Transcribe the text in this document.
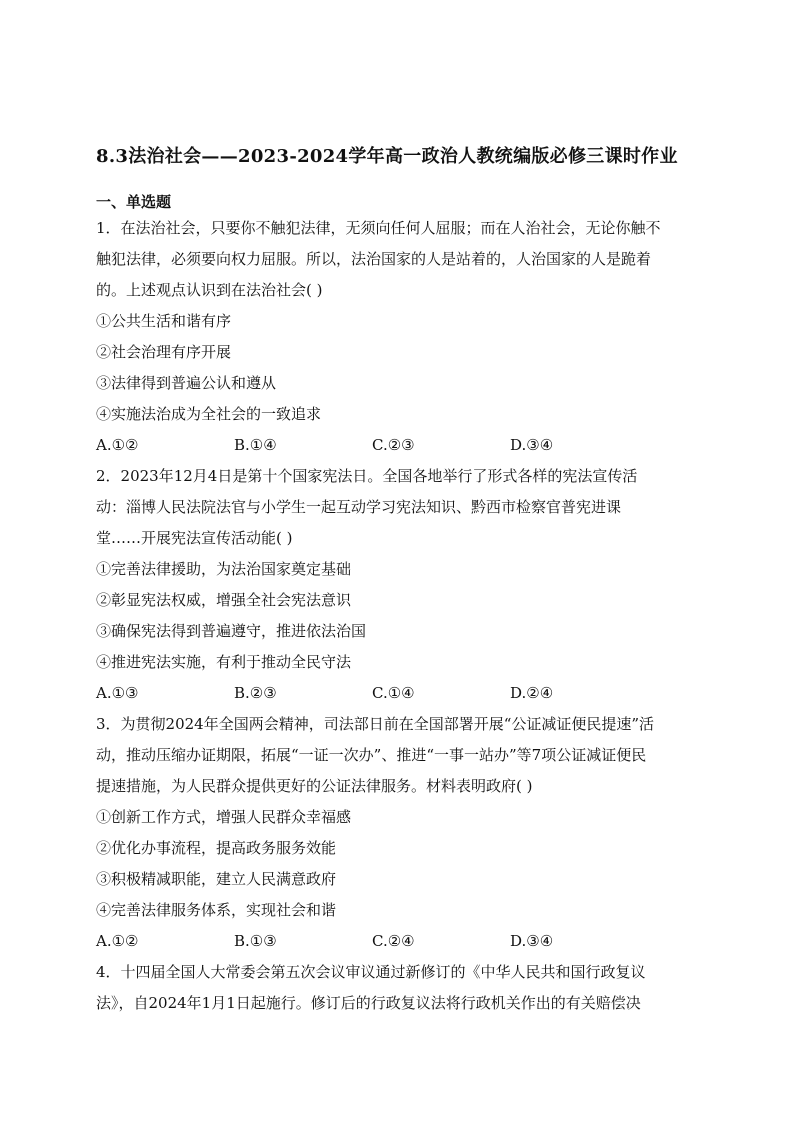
8.3法治社会——2023-2024学年高一政治人教统编版必修三课时作业
一、单选题
1．在法治社会，只要你不触犯法律，无须向任何人屈服；而在人治社会，无论你触不
触犯法律，必须要向权力屈服。所以，法治国家的人是站着的，人治国家的人是跪着
的。上述观点认识到在法治社会( )
①公共生活和谐有序
②社会治理有序开展
③法律得到普遍公认和遵从
④实施法治成为全社会的一致追求
A.①②	B.①④	C.②③	D.③④
2．2023年12月4日是第十个国家宪法日。全国各地举行了形式各样的宪法宣传活
动：淄博人民法院法官与小学生一起互动学习宪法知识、黔西市检察官普宪进课
堂……开展宪法宣传活动能( )
①完善法律援助，为法治国家奠定基础
②彰显宪法权威，增强全社会宪法意识
③确保宪法得到普遍遵守，推进依法治国
④推进宪法实施，有利于推动全民守法
A.①③	B.②③	C.①④	D.②④
3．为贯彻2024年全国两会精神，司法部日前在全国部署开展“公证减证便民提速”活
动，推动压缩办证期限，拓展“一证一次办”、推进“一事一站办”等7项公证减证便民
提速措施，为人民群众提供更好的公证法律服务。材料表明政府( )
①创新工作方式，增强人民群众幸福感
②优化办事流程，提高政务服务效能
③积极精减职能，建立人民满意政府
④完善法律服务体系，实现社会和谐
A.①②	B.①③	C.②④	D.③④
4．十四届全国人大常委会第五次会议审议通过新修订的《中华人民共和国行政复议
法》，自2024年1月1日起施行。修订后的行政复议法将行政机关作出的有关赔偿决
